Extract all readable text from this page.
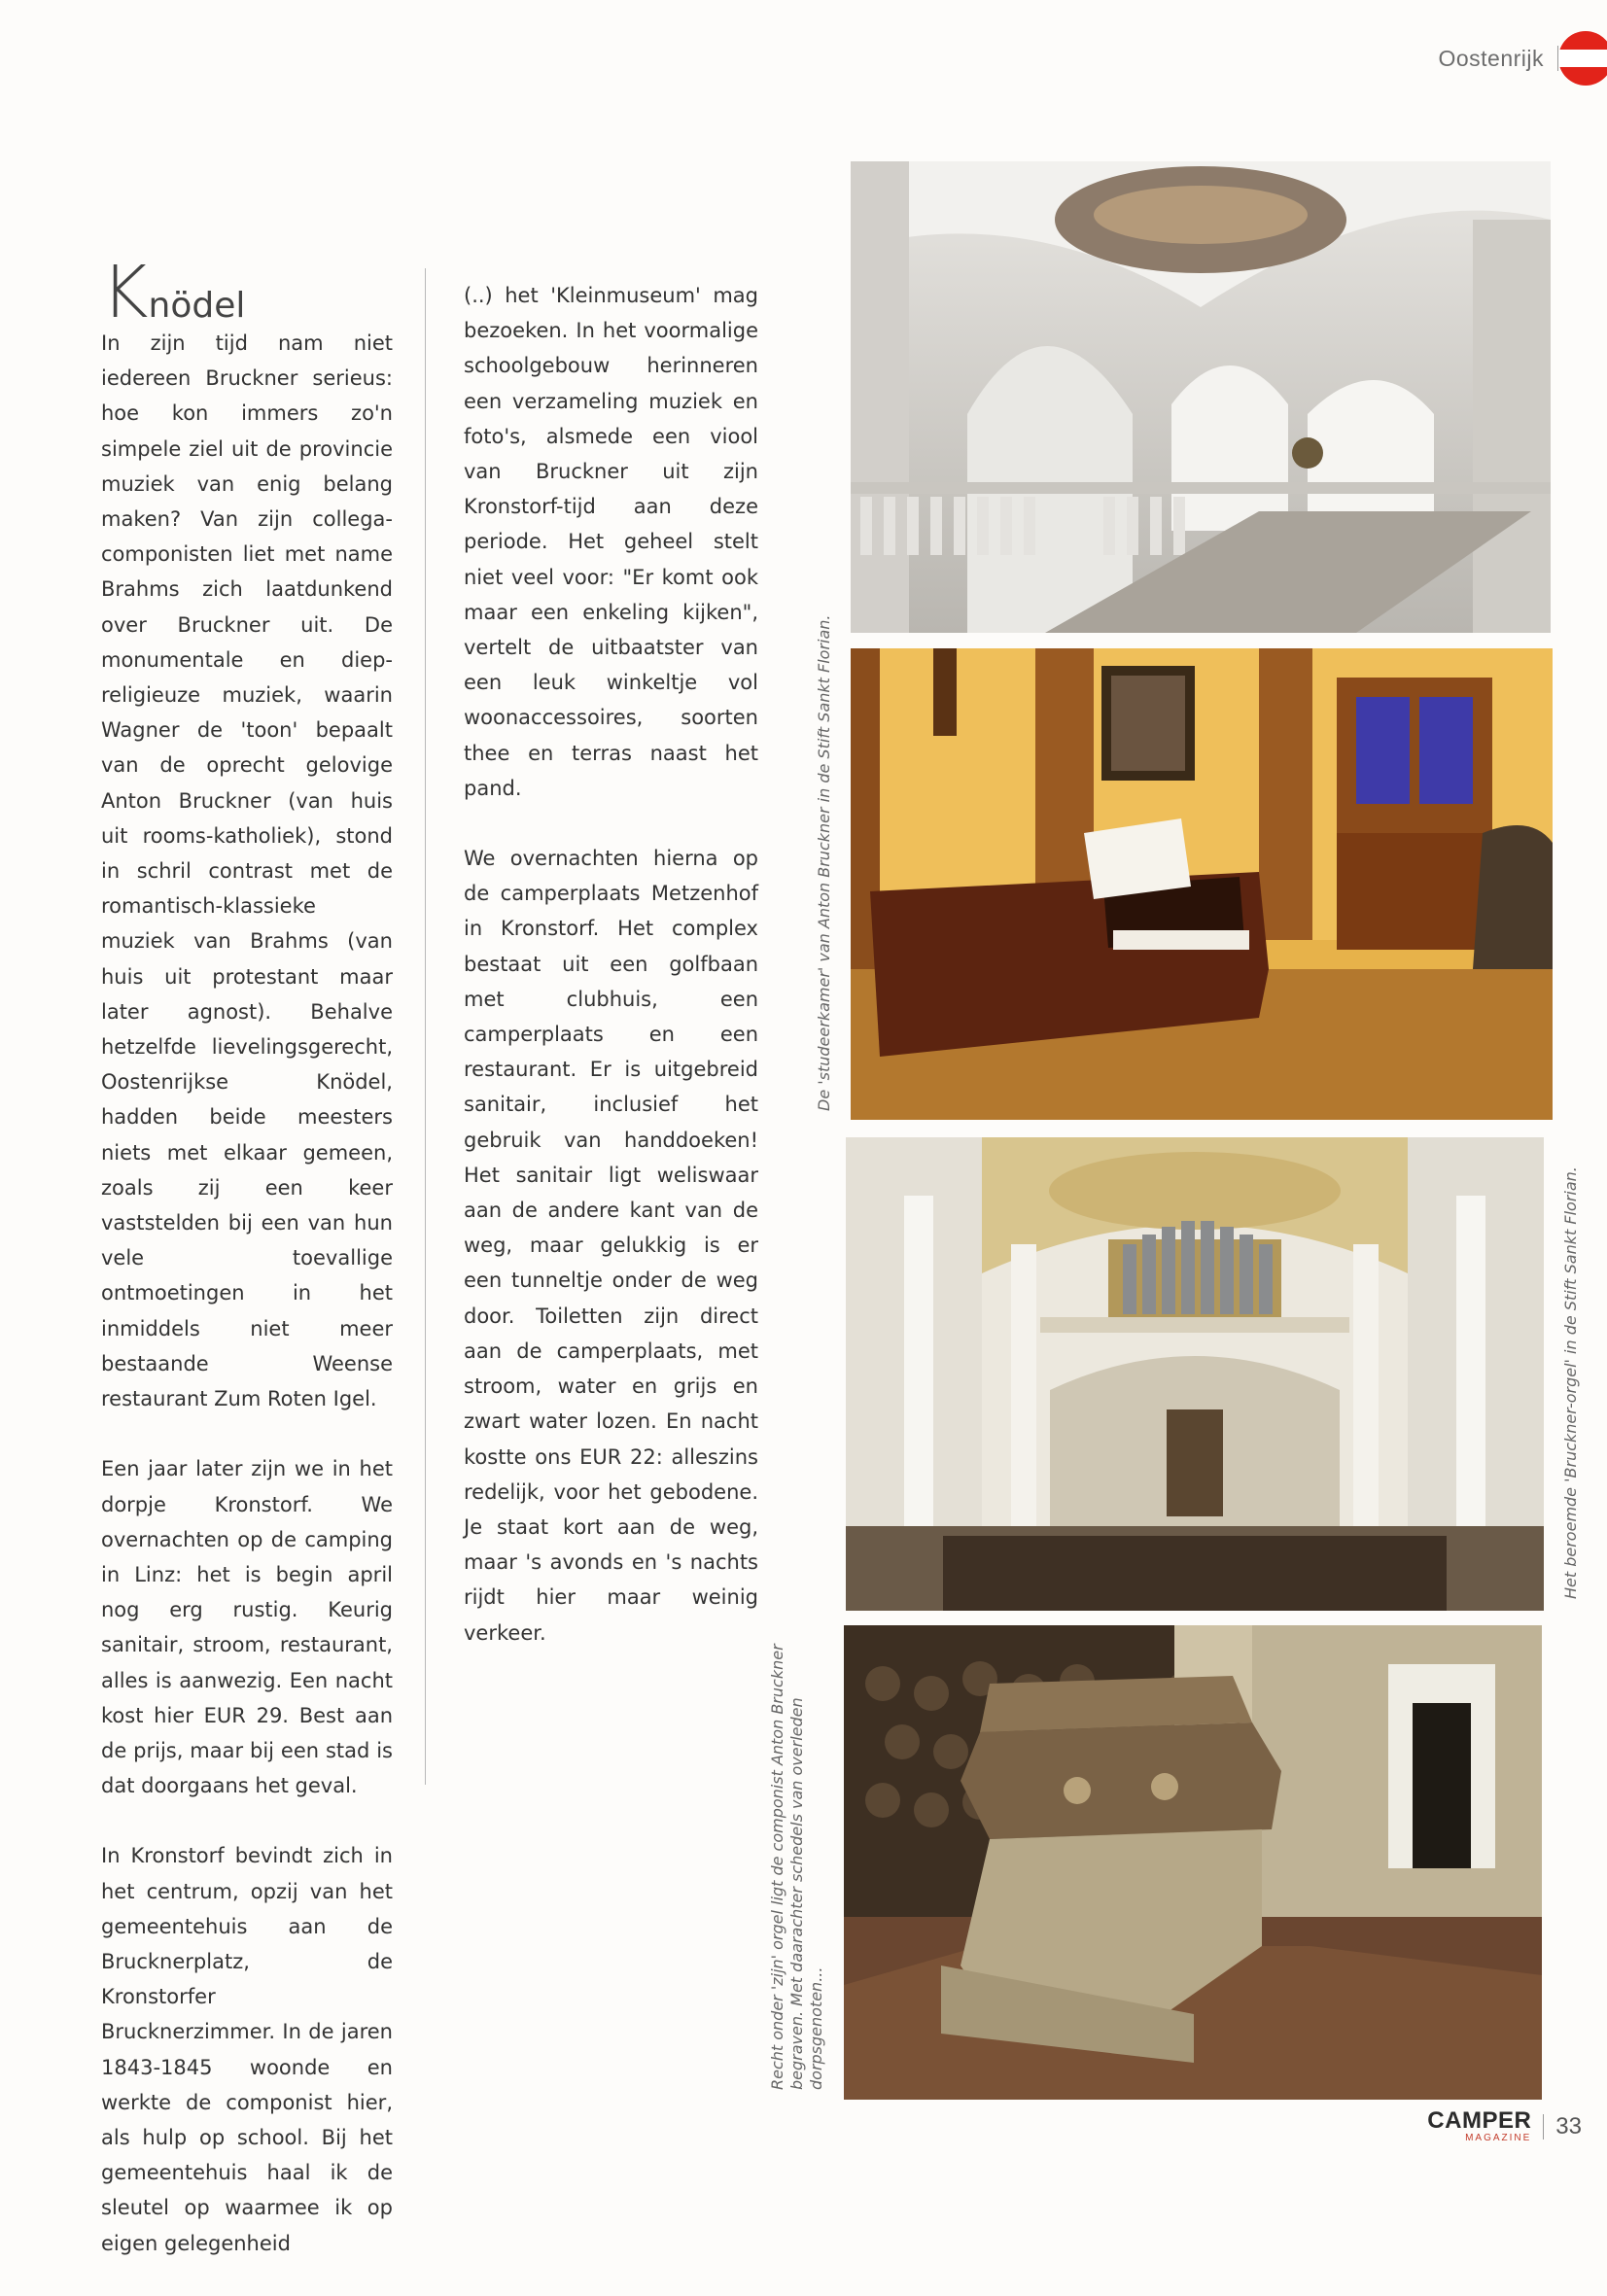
Oostenrijk
Knödel

In zijn tijd nam niet iedereen Bruckner serieus: hoe kon immers zo'n simpele ziel uit de provincie muziek van enig belang maken? Van zijn collega-componisten liet met name Brahms zich laatdunkend over Bruckner uit. De monumentale en diep-religieuze muziek, waarin Wagner de 'toon' bepaalt van de oprecht gelovige Anton Bruckner (van huis uit rooms-katholiek), stond in schril contrast met de romantisch-klassieke muziek van Brahms (van huis uit protestant maar later agnost). Behalve hetzelfde lievelingsgerecht, Oostenrijkse Knödel, hadden beide meesters niets met elkaar gemeen, zoals zij een keer vaststelden bij een van hun vele toevallige ontmoetingen in het inmiddels niet meer bestaande Weense restaurant Zum Roten Igel.

Een jaar later zijn we in het dorpje Kronstorf. We overnachten op de camping in Linz: het is begin april nog erg rustig. Keurig sanitair, stroom, restaurant, alles is aanwezig. Een nacht kost hier EUR 29. Best aan de prijs, maar bij een stad is dat doorgaans het geval.

In Kronstorf bevindt zich in het centrum, opzij van het gemeentehuis aan de Brucknerplatz, de Kronstorfer Brucknerzimmer. In de jaren 1843-1845 woonde en werkte de componist hier, als hulp op school. Bij het gemeentehuis haal ik de sleutel op waarmee ik op eigen gelegenheid

(..) het 'Kleinmuseum' mag bezoeken. In het voormalige schoolgebouw herinneren een verzameling muziek en foto's, alsmede een viool van Bruckner uit zijn Kronstorf-tijd aan deze periode. Het geheel stelt niet veel voor: "Er komt ook maar een enkeling kijken", vertelt de uitbaatster van een leuk winkeltje vol woonaccessoires, soorten thee en terras naast het pand.

We overnachten hierna op de camperplaats Metzenhof in Kronstorf. Het complex bestaat uit een golfbaan met clubhuis, een camperplaats en een restaurant. Er is uitgebreid sanitair, inclusief het gebruik van handdoeken! Het sanitair ligt weliswaar aan de andere kant van de weg, maar gelukkig is er een tunneltje onder de weg door. Toiletten zijn direct aan de camperplaats, met stroom, water en grijs en zwart water lozen. En nacht kostte ons EUR 22: alleszins redelijk, voor het gebodene. Je staat kort aan de weg, maar 's avonds en 's nachts rijdt hier maar weinig verkeer.

De 'studeerkamer' van Anton Bruckner in de Stift Sankt Florian.
Het beroemde 'Bruckner-orgel' in de Stift Sankt Florian.
Recht onder 'zijn' orgel ligt de componist Anton Bruckner begraven. Met daarachter schedels van overleden dorpsgenoten...
CAMPER
MAGAZINE 33
